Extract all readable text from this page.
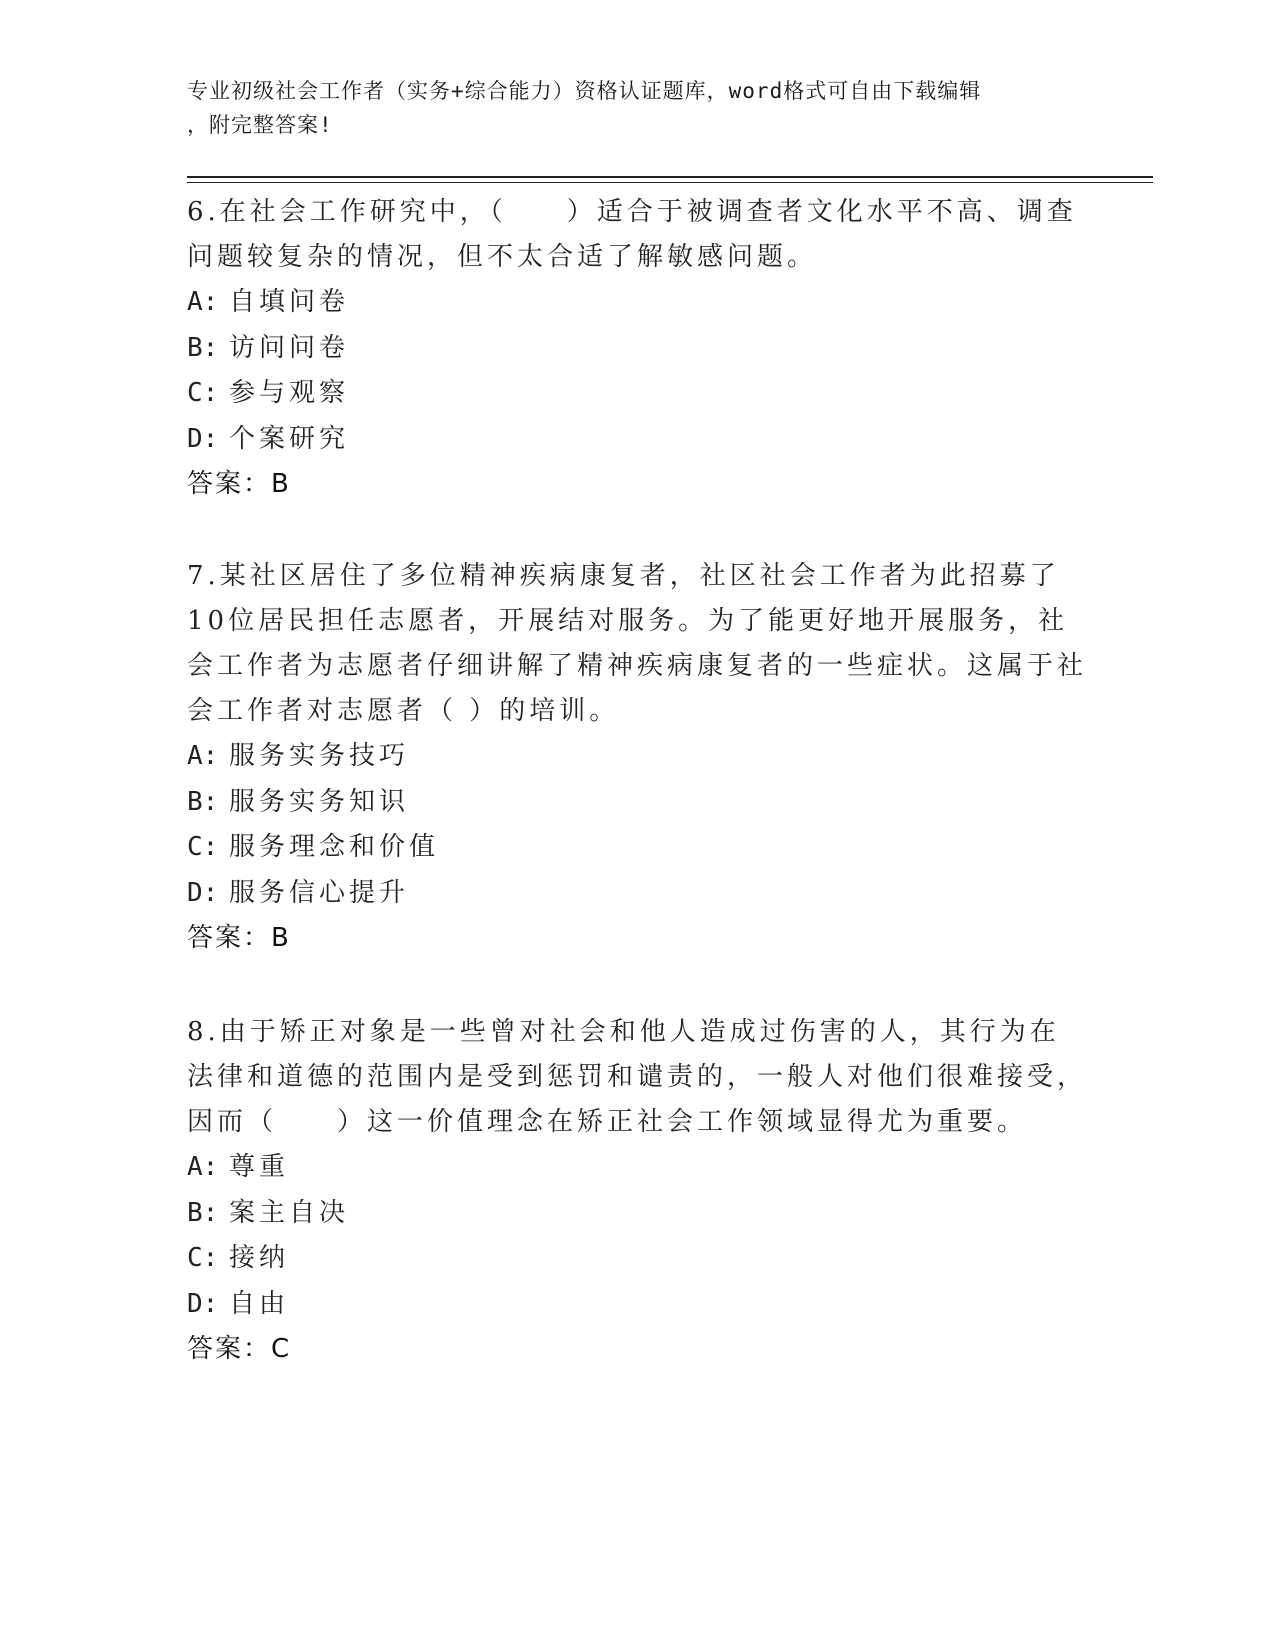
专业初级社会工作者（实务+综合能力）资格认证题库，word格式可自由下载编辑
，附完整答案!

6.在社会工作研究中，（　　）适合于被调查者文化水平不高、调查问题较复杂的情况，但不太合适了解敏感问题。

A: 自填问卷
B: 访问问卷
C: 参与观察
D: 个案研究
答案：B

7.某社区居住了多位精神疾病康复者，社区社会工作者为此招募了10位居民担任志愿者，开展结对服务。为了能更好地开展服务，社会工作者为志愿者仔细讲解了精神疾病康复者的一些症状。这属于社会工作者对志愿者（ ）的培训。

A: 服务实务技巧
B: 服务实务知识
C: 服务理念和价值
D: 服务信心提升
答案：B

8.由于矫正对象是一些曾对社会和他人造成过伤害的人，其行为在法律和道德的范围内是受到惩罚和谴责的，一般人对他们很难接受，因而（　　）这一价值理念在矫正社会工作领域显得尤为重要。

A: 尊重
B: 案主自决
C: 接纳
D: 自由
答案：C
